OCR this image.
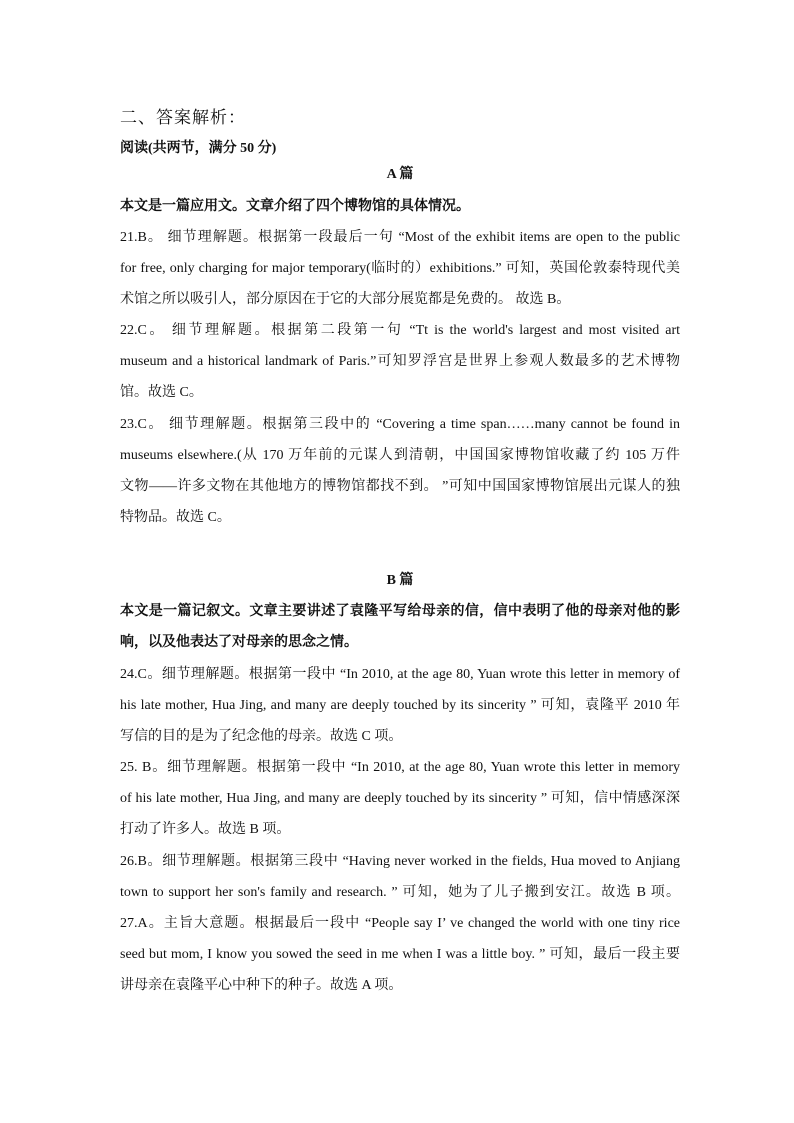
二、答案解析：
阅读(共两节，满分 50 分)
A 篇
本文是一篇应用文。文章介绍了四个博物馆的具体情况。
21.B。 细节理解题。根据第一段最后一句 “Most of the exhibit items are open to the public
for free, only charging for major temporary(临时的）exhibitions.” 可知，英国伦敦泰特现代美
术馆之所以吸引人，部分原因在于它的大部分展览都是免费的。 故选 B。
22.C。 细节理解题。根据第二段第一句 “Tt is the world's largest and most visited art
museum and a historical landmark of Paris.”可知罗浮宫是世界上参观人数最多的艺术博物
馆。故选 C。
23.C。 细节理解题。根据第三段中的 “Covering a time span……many cannot be found in
museums elsewhere.(从 170 万年前的元谋人到清朝，中国国家博物馆收藏了约 105 万件
文物——许多文物在其他地方的博物馆都找不到。 ”可知中国国家博物馆展出元谋人的独
特物品。故选 C。
B 篇
本文是一篇记叙文。文章主要讲述了袁隆平写给母亲的信，信中表明了他的母亲对他的影
响，以及他表达了对母亲的思念之情。
24.C。细节理解题。根据第一段中 “In 2010, at the age 80, Yuan wrote this letter in memory of
his late mother, Hua Jing, and many are deeply touched by its sincerity ” 可知，袁隆平 2010 年
写信的目的是为了纪念他的母亲。故选 C 项。
25. B。细节理解题。根据第一段中 “In 2010, at the age 80, Yuan wrote this letter in memory
of his late mother, Hua Jing, and many are deeply touched by its sincerity ” 可知，信中情感深深
打动了许多人。故选 B 项。
26.B。细节理解题。根据第三段中 “Having never worked in the fields, Hua moved to Anjiang
town to support her son's family and research. ” 可知，她为了儿子搬到安江。故选 B 项。
27.A。主旨大意题。根据最后一段中 “People say I’ ve changed the world with one tiny rice
seed but mom, I know you sowed the seed in me when I was a little boy. ” 可知，最后一段主要
讲母亲在袁隆平心中种下的种子。故选 A 项。
